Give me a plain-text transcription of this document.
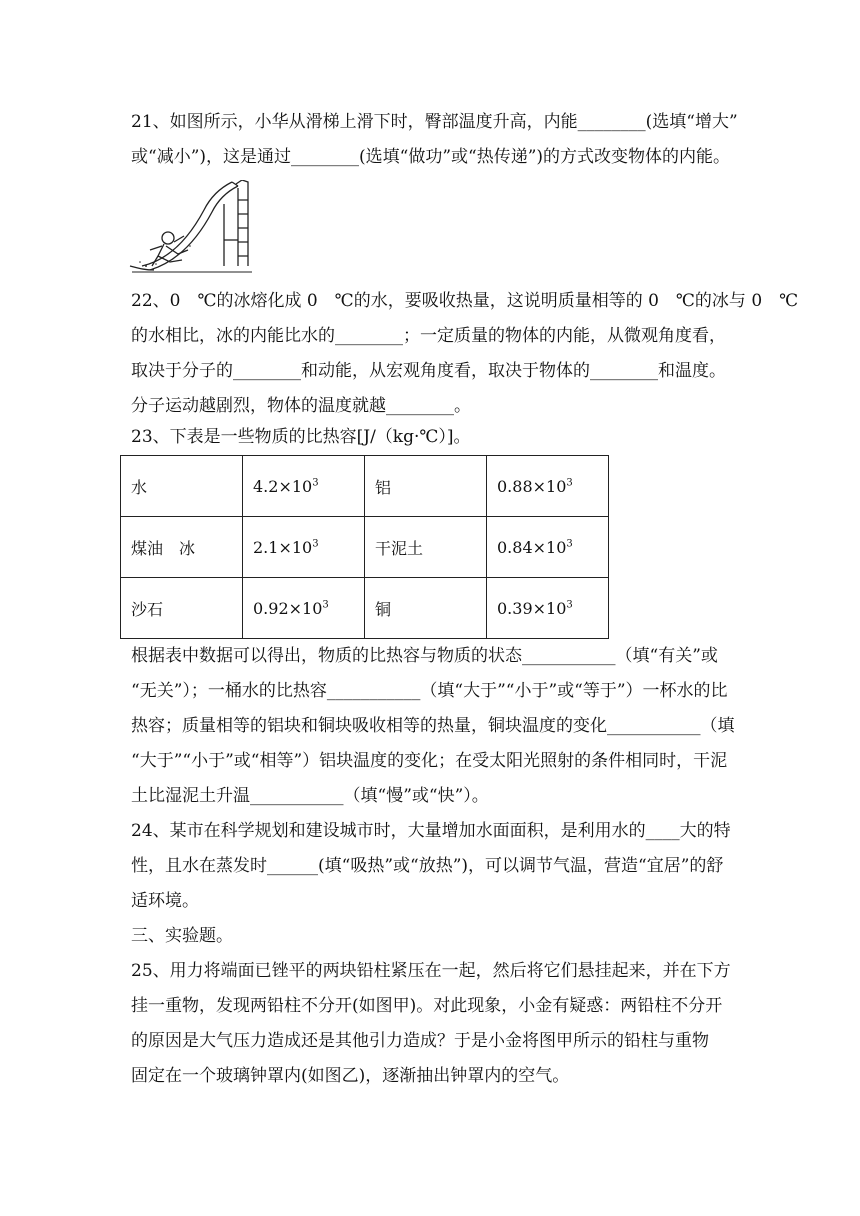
21、如图所示，小华从滑梯上滑下时，臀部温度升高，内能________(选填“增大”
或“减小”)，这是通过________(选填“做功”或“热传递”)的方式改变物体的内能。
22、0　℃的冰熔化成 0　℃的水，要吸收热量，这说明质量相等的 0　℃的冰与 0　℃
的水相比，冰的内能比水的________；一定质量的物体的内能，从微观角度看，
取决于分子的________和动能，从宏观角度看，取决于物体的________和温度。
分子运动越剧烈，物体的温度就越________。
23、下表是一些物质的比热容[J/（kg·℃）]。
水	$4.2\times 10^3$	铝	$0.88\times 10^3$
煤油　冰	$2.1\times 10^3$	干泥土	$0.84\times 10^3$
沙石	$0.92\times 10^3$	铜	$0.39\times 10^3$
根据表中数据可以得出，物质的比热容与物质的状态___________（填“有关”或
“无关”）；一桶水的比热容___________（填“大于”“小于”或“等于”）一杯水的比
热容；质量相等的铝块和铜块吸收相等的热量，铜块温度的变化___________（填
“大于”“小于”或“相等”）铝块温度的变化；在受太阳光照射的条件相同时，干泥
土比湿泥土升温___________（填“慢”或“快”）。
24、某市在科学规划和建设城市时，大量增加水面面积，是利用水的____大的特
性，且水在蒸发时______(填“吸热”或“放热”)，可以调节气温，营造“宜居”的舒
适环境。
三、实验题。
25、用力将端面已锉平的两块铅柱紧压在一起，然后将它们悬挂起来，并在下方
挂一重物，发现两铅柱不分开(如图甲)。对此现象，小金有疑惑：两铅柱不分开
的原因是大气压力造成还是其他引力造成？于是小金将图甲所示的铅柱与重物
固定在一个玻璃钟罩内(如图乙)，逐渐抽出钟罩内的空气。
